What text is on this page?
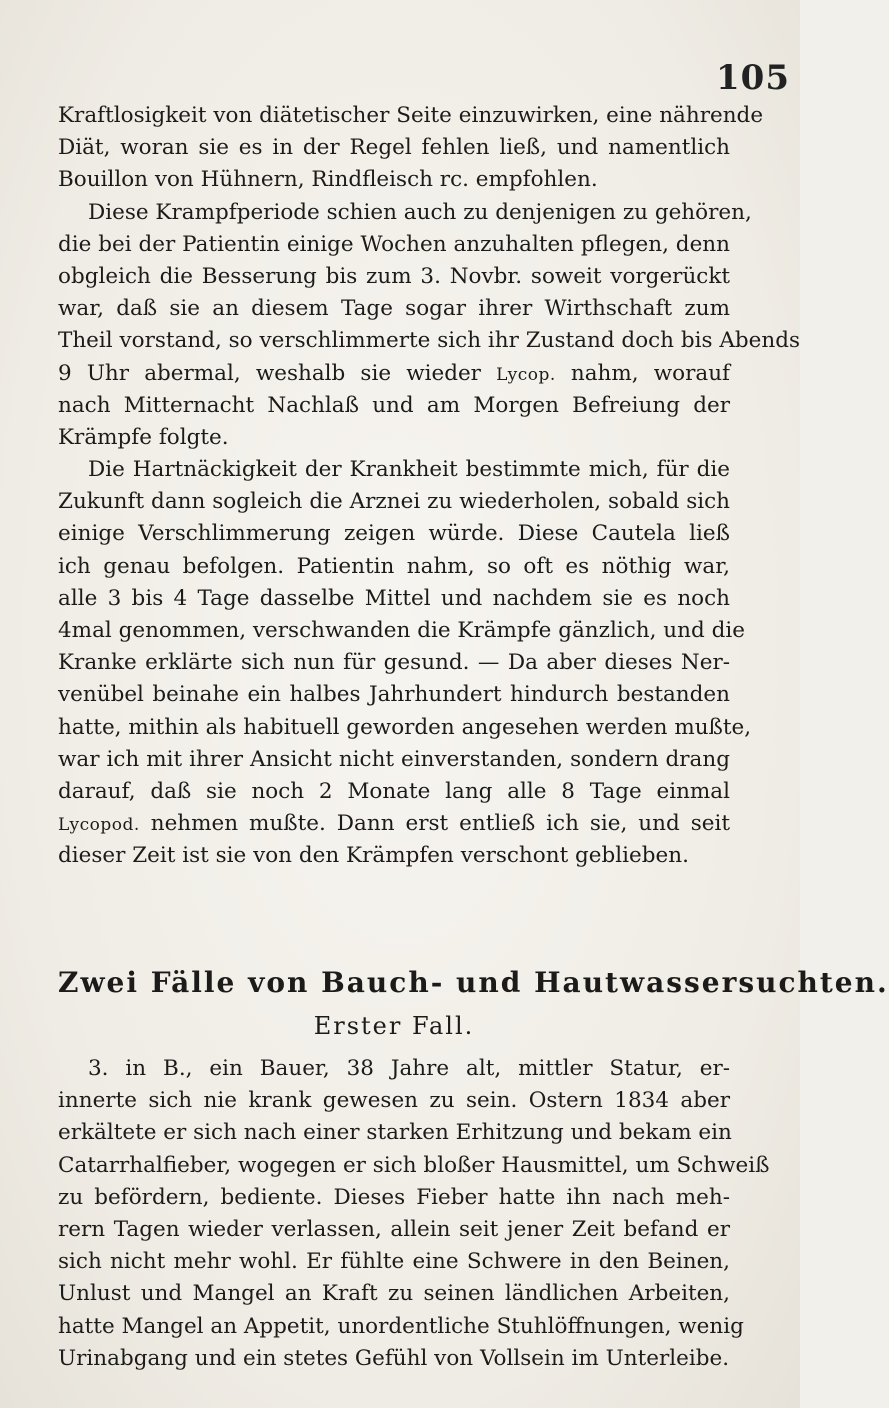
105
Kraftlosigkeit von diätetischer Seite einzuwirken, eine nährende
Diät, woran sie es in der Regel fehlen ließ, und namentlich
Bouillon von Hühnern, Rindfleisch rc. empfohlen.
Diese Krampfperiode schien auch zu denjenigen zu gehören,
die bei der Patientin einige Wochen anzuhalten pflegen, denn
obgleich die Besserung bis zum 3. Novbr. soweit vorgerückt
war, daß sie an diesem Tage sogar ihrer Wirthschaft zum
Theil vorstand, so verschlimmerte sich ihr Zustand doch bis Abends
9 Uhr abermal, weshalb sie wieder Lycop. nahm, worauf
nach Mitternacht Nachlaß und am Morgen Befreiung der
Krämpfe folgte.
Die Hartnäckigkeit der Krankheit bestimmte mich, für die
Zukunft dann sogleich die Arznei zu wiederholen, sobald sich
einige Verschlimmerung zeigen würde. Diese Cautela ließ
ich genau befolgen. Patientin nahm, so oft es nöthig war,
alle 3 bis 4 Tage dasselbe Mittel und nachdem sie es noch
4mal genommen, verschwanden die Krämpfe gänzlich, und die
Kranke erklärte sich nun für gesund. — Da aber dieses Ner-
venübel beinahe ein halbes Jahrhundert hindurch bestanden
hatte, mithin als habituell geworden angesehen werden mußte,
war ich mit ihrer Ansicht nicht einverstanden, sondern drang
darauf, daß sie noch 2 Monate lang alle 8 Tage einmal
Lycopod. nehmen mußte. Dann erst entließ ich sie, und seit
dieser Zeit ist sie von den Krämpfen verschont geblieben.
Zwei Fälle von Bauch- und Hautwassersuchten.
Erster Fall.
3. in B., ein Bauer, 38 Jahre alt, mittler Statur, er-
innerte sich nie krank gewesen zu sein. Ostern 1834 aber
erkältete er sich nach einer starken Erhitzung und bekam ein
Catarrhalfieber, wogegen er sich bloßer Hausmittel, um Schweiß
zu befördern, bediente. Dieses Fieber hatte ihn nach meh-
rern Tagen wieder verlassen, allein seit jener Zeit befand er
sich nicht mehr wohl. Er fühlte eine Schwere in den Beinen,
Unlust und Mangel an Kraft zu seinen ländlichen Arbeiten,
hatte Mangel an Appetit, unordentliche Stuhlöffnungen, wenig
Urinabgang und ein stetes Gefühl von Vollsein im Unterleibe.
